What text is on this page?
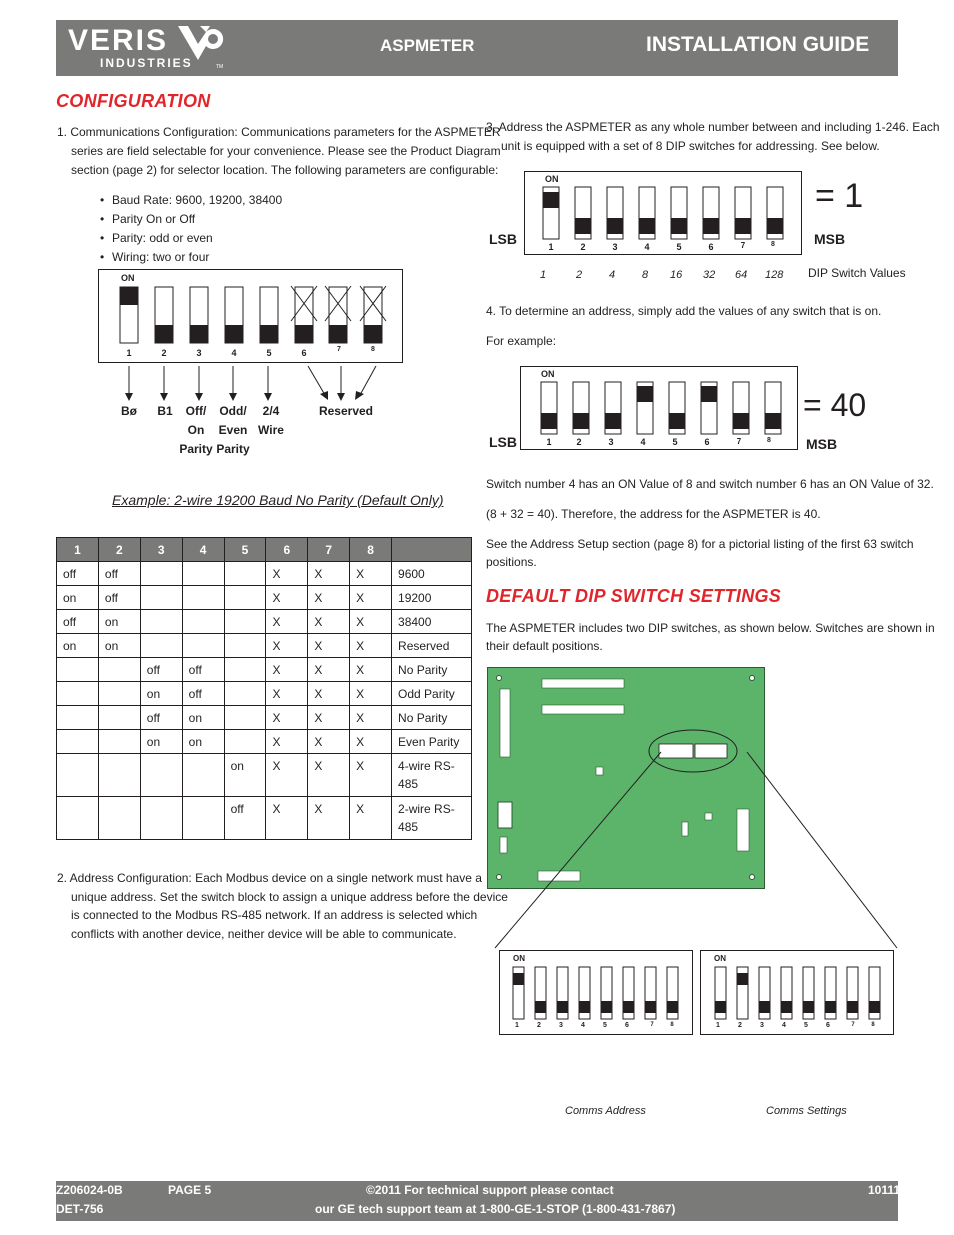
VERIS
INDUSTRIES	TM
ASPMETER	INSTALLATION GUIDE
CONFIGURATION
1. Communications Configuration: Communications parameters for the ASPMETER
series are field selectable for your convenience. Please see the Product Diagram
section (page 2) for selector location. The following parameters are configurable:
• Baud Rate: 9600, 19200, 38400
• Parity On or Off
• Parity: odd or even
• Wiring: two or four
ON
1	2	3	4	5	6	7	8
Bø	B1	Off/
On
Parity
Odd/
Even
Parity
2/4
Wire
Reserved
Example: 2-wire 19200 Baud No Parity (Default Only)
1	2	3	4	5	6	7	8	
off	off				X	X	X	9600
on	off				X	X	X	19200
off	on				X	X	X	38400
on	on				X	X	X	Reserved
		off	off		X	X	X	No Parity
		on	off		X	X	X	Odd Parity
		off	on		X	X	X	No Parity
		on	on		X	X	X	Even Parity
				on	X	X	X	4-wire RS-485
				off	X	X	X	2-wire RS-485
2. Address Configuration: Each Modbus device on a single network must have a
unique address. Set the switch block to assign a unique address before the device
is connected to the Modbus RS-485 network. If an address is selected which
conflicts with another device, neither device will be able to communicate.
3. Address the ASPMETER as any whole number between and including 1-246. Each
unit is equipped with a set of 8 DIP switches for addressing. See below.
ON
1	2	3	4	5	6	7	8
LSB	MSB
= 1
1	2 4 8 16 32 64 128 DIP Switch Values
4. To determine an address, simply add the values of any switch that is on.
For example:
ON
1	2	3	4	5	6	7	8
LSB	MSB
= 40
Switch number 4 has an ON Value of 8 and switch number 6 has an ON Value of 32.
(8 + 32 = 40). Therefore, the address for the ASPMETER is 40.
See the Address Setup section (page 8) for a pictorial listing of the first 63 switch
positions.
DEFAULT DIP SWITCH SETTINGS
The ASPMETER includes two DIP switches, as shown below. Switches are shown in
their default positions.
ON
1	2	3	4	5	6	7	8
ON
1	2	3	4	5	6	7	8
Comms Address	Comms Settings
Z206024-0B	PAGE 5	©2011 For technical support please contact	10111
DET-756	our GE tech support team at 1-800-GE-1-STOP (1-800-431-7867)
